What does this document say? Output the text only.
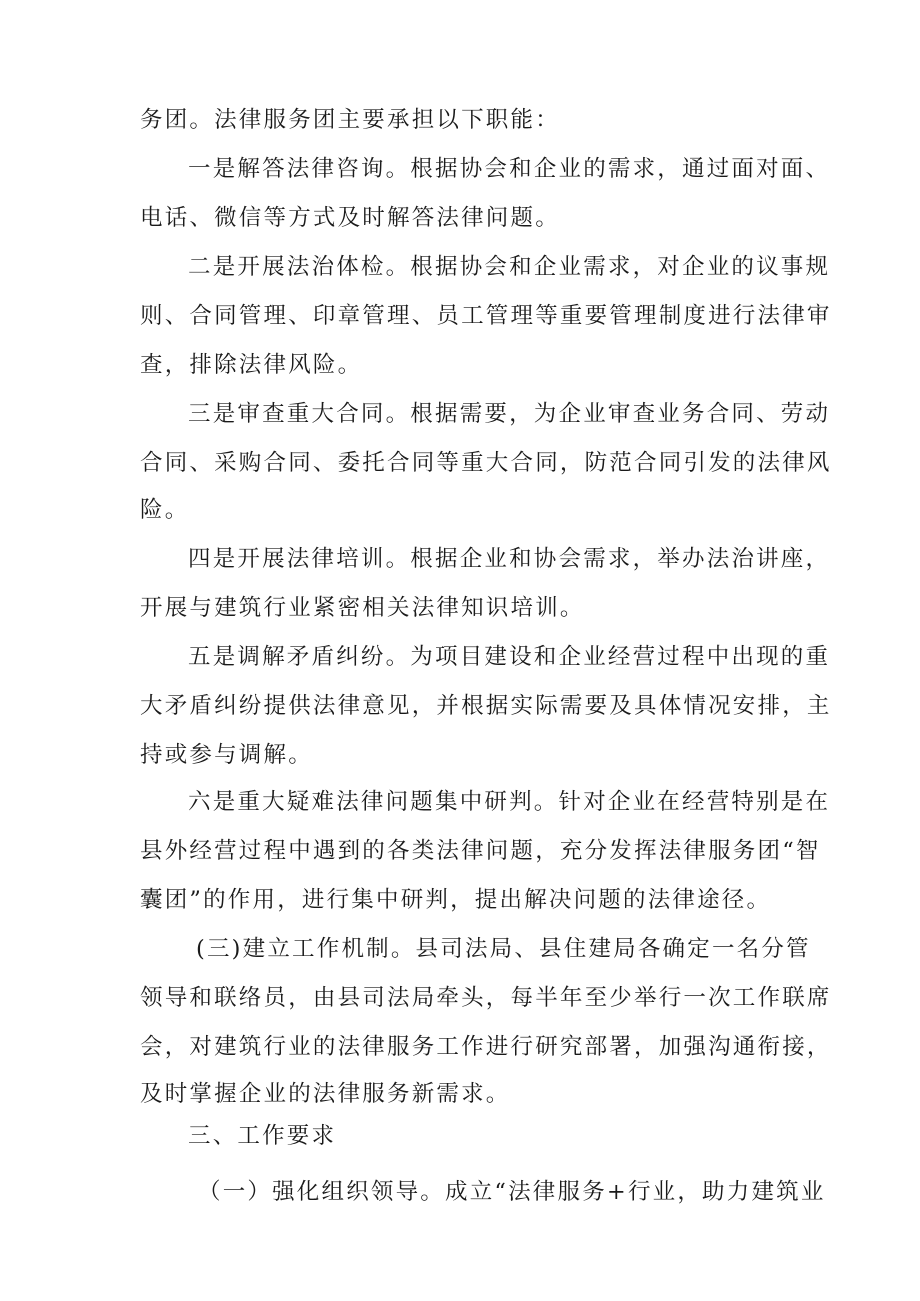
务团。法律服务团主要承担以下职能：
一是解答法律咨询。根据协会和企业的需求，通过面对面、
电话、微信等方式及时解答法律问题。
二是开展法治体检。根据协会和企业需求，对企业的议事规
则、合同管理、印章管理、员工管理等重要管理制度进行法律审
查，排除法律风险。
三是审查重大合同。根据需要，为企业审查业务合同、劳动
合同、采购合同、委托合同等重大合同，防范合同引发的法律风
险。
四是开展法律培训。根据企业和协会需求，举办法治讲座，
开展与建筑行业紧密相关法律知识培训。
五是调解矛盾纠纷。为项目建设和企业经营过程中出现的重
大矛盾纠纷提供法律意见，并根据实际需要及具体情况安排，主
持或参与调解。
六是重大疑难法律问题集中研判。针对企业在经营特别是在
县外经营过程中遇到的各类法律问题，充分发挥法律服务团“智
囊团”的作用，进行集中研判，提出解决问题的法律途径。
(三)建立工作机制。县司法局、县住建局各确定一名分管
领导和联络员，由县司法局牵头，每半年至少举行一次工作联席
会，对建筑行业的法律服务工作进行研究部署，加强沟通衔接，
及时掌握企业的法律服务新需求。
三、工作要求
（一）强化组织领导。成立“法律服务+行业，助力建筑业
